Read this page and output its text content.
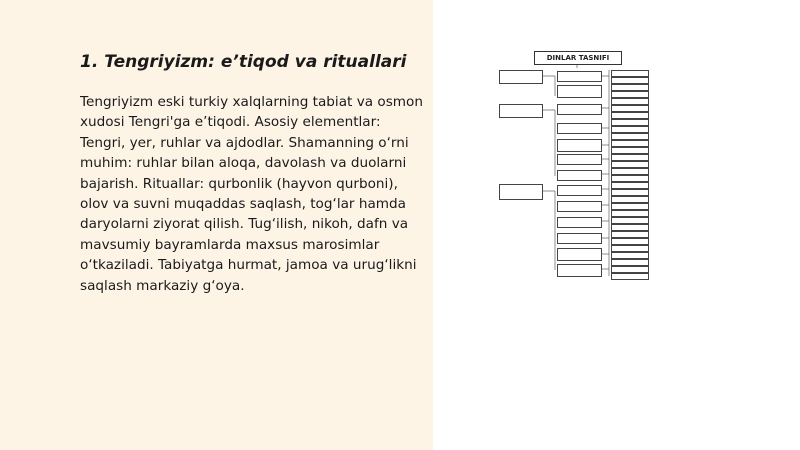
1. Tengriyizm: e’tiqod va rituallari

Tengriyizm eski turkiy xalqlarning tabiat va osmon xudosi Tengri'ga e’tiqodi. Asosiy elementlar: Tengri, yer, ruhlar va ajdodlar. Shamanning o‘rni muhim: ruhlar bilan aloqa, davolash va duolarni bajarish. Rituallar: qurbonlik (hayvon qurboni), olov va suvni muqaddas saqlash, tog‘lar hamda daryolarni ziyorat qilish. Tug‘ilish, nikoh, dafn va mavsumiy bayramlarda maxsus marosimlar o‘tkaziladi. Tabiyatga hurmat, jamoa va urug‘likni saqlash markaziy g‘oya.

DINLAR TASNIFI
